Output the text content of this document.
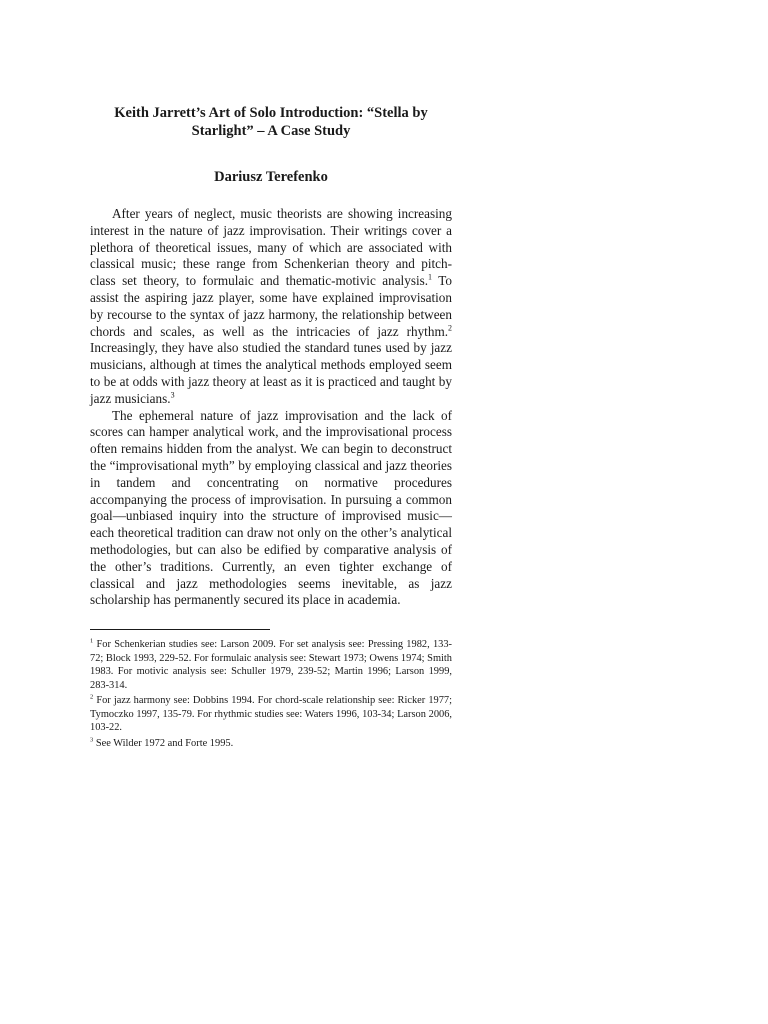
Keith Jarrett’s Art of Solo Introduction: “Stella by Starlight” – A Case Study
Dariusz Terefenko

After years of neglect, music theorists are showing increasing interest in the nature of jazz improvisation. Their writings cover a plethora of theoretical issues, many of which are associated with classical music; these range from Schenkerian theory and pitch-class set theory, to formulaic and thematic-motivic analysis.$^1$ To assist the aspiring jazz player, some have explained improvisation by recourse to the syntax of jazz harmony, the relationship between chords and scales, as well as the intricacies of jazz rhythm.$^2$ Increasingly, they have also studied the standard tunes used by jazz musicians, although at times the analytical methods employed seem to be at odds with jazz theory at least as it is practiced and taught by jazz musicians.$^3$

The ephemeral nature of jazz improvisation and the lack of scores can hamper analytical work, and the improvisational process often remains hidden from the analyst. We can begin to deconstruct the “improvisational myth” by employing classical and jazz theories in tandem and concentrating on normative procedures accompanying the process of improvisation. In pursuing a common goal—unbiased inquiry into the structure of improvised music—each theoretical tradition can draw not only on the other’s analytical methodologies, but can also be edified by comparative analysis of the other’s traditions. Currently, an even tighter exchange of classical and jazz methodologies seems inevitable, as jazz scholarship has permanently secured its place in academia.

$^1$ For Schenkerian studies see: Larson 2009. For set analysis see: Pressing 1982, 133-72; Block 1993, 229-52. For formulaic analysis see: Stewart 1973; Owens 1974; Smith 1983. For motivic analysis see: Schuller 1979, 239-52; Martin 1996; Larson 1999, 283-314.
$^2$ For jazz harmony see: Dobbins 1994. For chord-scale relationship see: Ricker 1977; Tymoczko 1997, 135-79. For rhythmic studies see: Waters 1996, 103-34; Larson 2006, 103-22.
$^3$ See Wilder 1972 and Forte 1995.
